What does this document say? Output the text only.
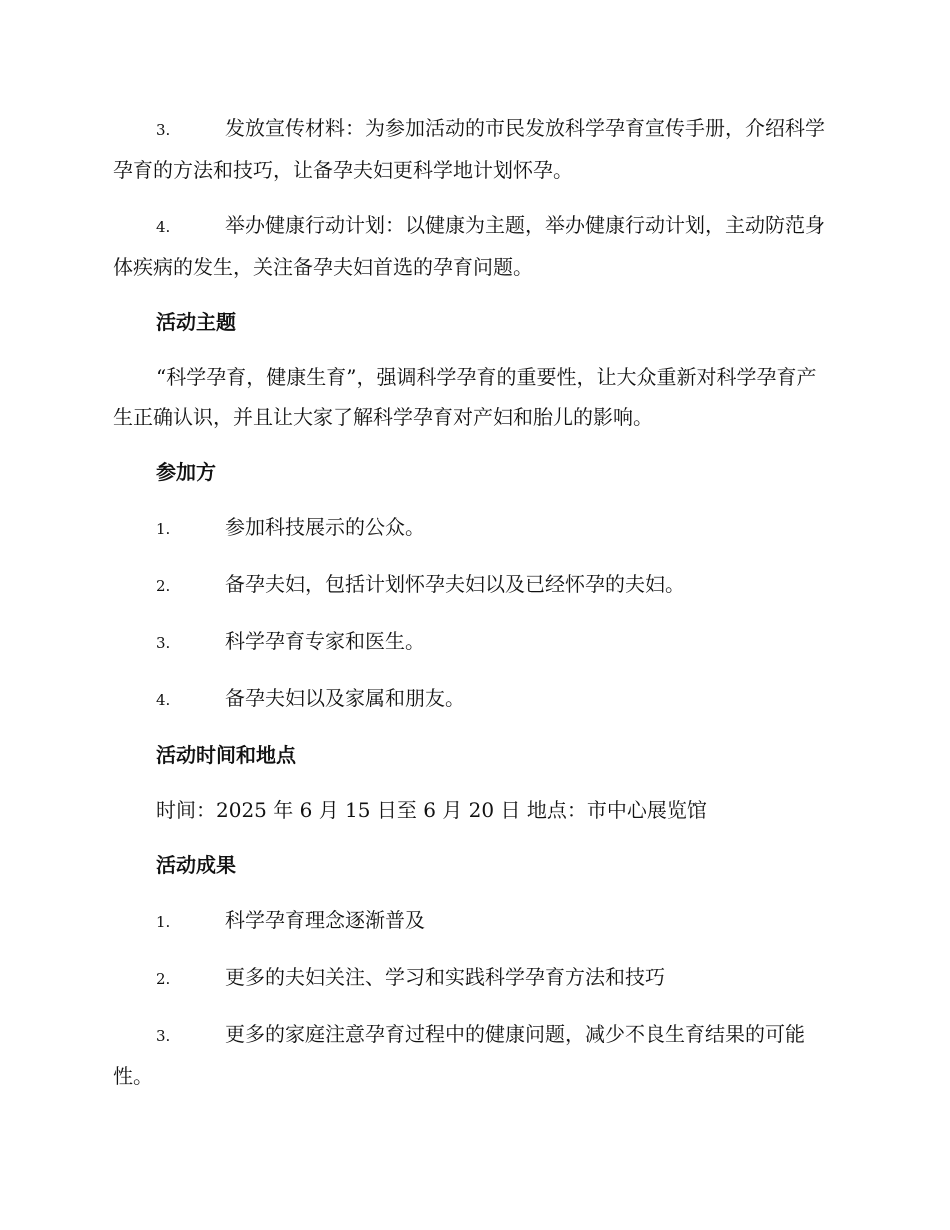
3.	发放宣传材料：为参加活动的市民发放科学孕育宣传手册，介绍科学孕育的方法和技巧，让备孕夫妇更科学地计划怀孕。

4.	举办健康行动计划：以健康为主题，举办健康行动计划，主动防范身体疾病的发生，关注备孕夫妇首选的孕育问题。

活动主题

“科学孕育，健康生育”，强调科学孕育的重要性，让大众重新对科学孕育产生正确认识，并且让大家了解科学孕育对产妇和胎儿的影响。

参加方

1.	参加科技展示的公众。

2.	备孕夫妇，包括计划怀孕夫妇以及已经怀孕的夫妇。

3.	科学孕育专家和医生。

4.	备孕夫妇以及家属和朋友。

活动时间和地点

时间：2025 年 6 月 15 日至 6 月 20 日 地点：市中心展览馆

活动成果

1.	科学孕育理念逐渐普及

2.	更多的夫妇关注、学习和实践科学孕育方法和技巧

3.	更多的家庭注意孕育过程中的健康问题，减少不良生育结果的可能性。
